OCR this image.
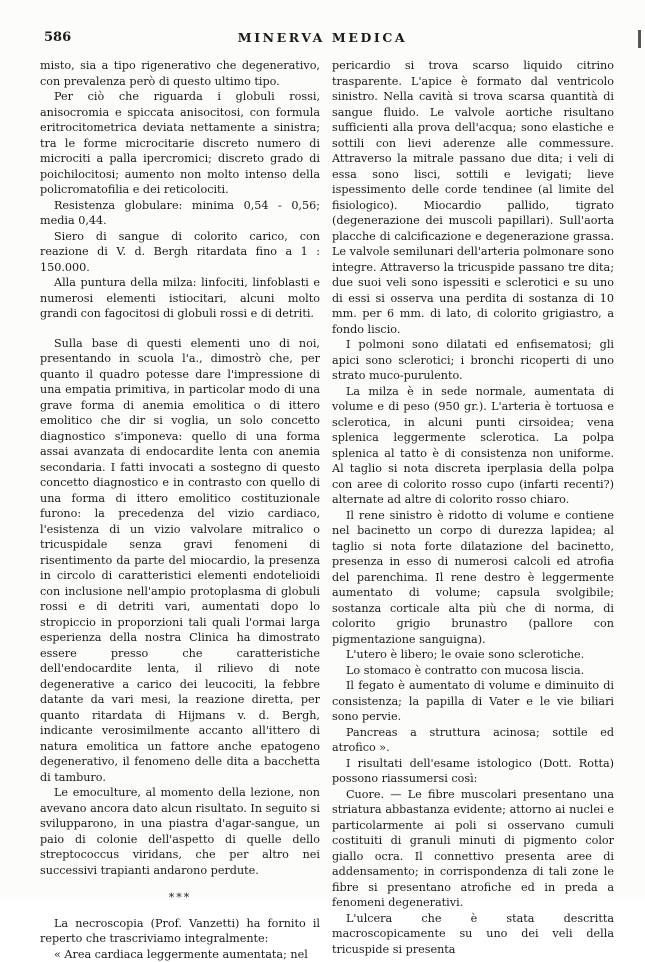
586	MINERVA MEDICA

misto, sia a tipo rigenerativo che degenerativo, con prevalenza però di questo ultimo tipo.

Per ciò che riguarda i globuli rossi, anisocromia e spiccata anisocitosi, con formula eritrocitometrica deviata nettamente a sinistra; tra le forme microcitarie discreto numero di microciti a palla ipercromici; discreto grado di poichilocitosi; aumento non molto intenso della policromatofilia e dei reticolociti.

Resistenza globulare: minima 0,54 - 0,56; media 0,44.

Siero di sangue di colorito carico, con reazione di V. d. Bergh ritardata fino a 1 : 150.000.

Alla puntura della milza: linfociti, linfoblasti e numerosi elementi istiocitari, alcuni molto grandi con fagocitosi di globuli rossi e di detriti.

Sulla base di questi elementi uno di noi, presentando in scuola l'a., dimostrò che, per quanto il quadro potesse dare l'impressione di una empatia primitiva, in particolar modo di una grave forma di anemia emolitica o di ittero emolitico che dir si voglia, un solo concetto diagnostico s'imponeva: quello di una forma assai avanzata di endocardite lenta con anemia secondaria. I fatti invocati a sostegno di questo concetto diagnostico e in contrasto con quello di una forma di ittero emolitico costituzionale furono: la precedenza del vizio cardiaco, l'esistenza di un vizio valvolare mitralico o tricuspidale senza gravi fenomeni di risentimento da parte del miocardio, la presenza in circolo di caratteristici elementi endotelioidi con inclusione nell'ampio protoplasma di globuli rossi e di detriti vari, aumentati dopo lo stropiccio in proporzioni tali quali l'ormai larga esperienza della nostra Clinica ha dimostrato essere presso che caratteristiche dell'endocardite lenta, il rilievo di note degenerative a carico dei leucociti, la febbre datante da vari mesi, la reazione diretta, per quanto ritardata di Hijmans v. d. Bergh, indicante verosimilmente accanto all'ittero di natura emolitica un fattore anche epatogeno degenerativo, il fenomeno delle dita a bacchetta di tamburo.

Le emoculture, al momento della lezione, non avevano ancora dato alcun risultato. In seguito si svilupparono, in una piastra d'agar-sangue, un paio di colonie dell'aspetto di quelle dello streptococcus viridans, che per altro nei successivi trapianti andarono perdute.

***

La necroscopia (Prof. Vanzetti) ha fornito il reperto che trascriviamo integralmente:

« Area cardiaca leggermente aumentata; nel

pericardio si trova scarso liquido citrino trasparente. L'apice è formato dal ventricolo sinistro. Nella cavità si trova scarsa quantità di sangue fluido. Le valvole aortiche risultano sufficienti alla prova dell'acqua; sono elastiche e sottili con lievi aderenze alle commessure. Attraverso la mitrale passano due dita; i veli di essa sono lisci, sottili e levigati; lieve ispessimento delle corde tendinee (al limite del fisiologico). Miocardio pallido, tigrato (degenerazione dei muscoli papillari). Sull'aorta placche di calcificazione e degenerazione grassa. Le valvole semilunari dell'arteria polmonare sono integre. Attraverso la tricuspide passano tre dita; due suoi veli sono ispessiti e sclerotici e su uno di essi si osserva una perdita di sostanza di 10 mm. per 6 mm. di lato, di colorito grigiastro, a fondo liscio.

I polmoni sono dilatati ed enfisematosi; gli apici sono sclerotici; i bronchi ricoperti di uno strato muco-purulento.

La milza è in sede normale, aumentata di volume e di peso (950 gr.). L'arteria è tortuosa e sclerotica, in alcuni punti cirsoidea; vena splenica leggermente sclerotica. La polpa splenica al tatto è di consistenza non uniforme. Al taglio si nota discreta iperplasia della polpa con aree di colorito rosso cupo (infarti recenti?) alternate ad altre di colorito rosso chiaro.

Il rene sinistro è ridotto di volume e contiene nel bacinetto un corpo di durezza lapidea; al taglio si nota forte dilatazione del bacinetto, presenza in esso di numerosi calcoli ed atrofia del parenchima. Il rene destro è leggermente aumentato di volume; capsula svolgibile; sostanza corticale alta più che di norma, di colorito grigio brunastro (pallore con pigmentazione sanguigna).

L'utero è libero; le ovaie sono sclerotiche.

Lo stomaco è contratto con mucosa liscia.

Il fegato è aumentato di volume e diminuito di consistenza; la papilla di Vater e le vie biliari sono pervie.

Pancreas a struttura acinosa; sottile ed atrofico ».

I risultati dell'esame istologico (Dott. Rotta) possono riassumersi così:

Cuore. — Le fibre muscolari presentano una striatura abbastanza evidente; attorno ai nuclei e particolarmente ai poli si osservano cumuli costituiti di granuli minuti di pigmento color giallo ocra. Il connettivo presenta aree di addensamento; in corrispondenza di tali zone le fibre si presentano atrofiche ed in preda a fenomeni degenerativi.

L'ulcera che è stata descritta macroscopicamente su uno dei veli della tricuspide si presenta
